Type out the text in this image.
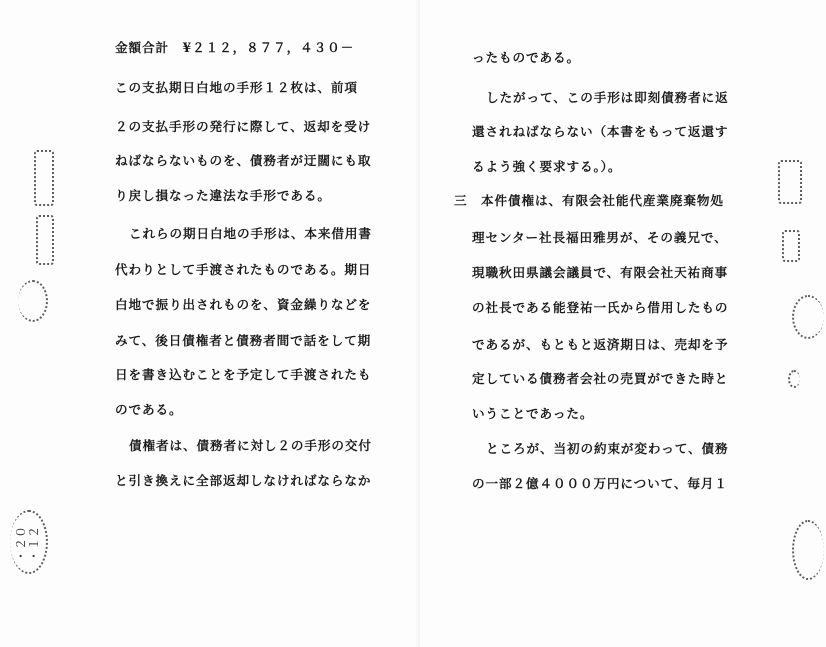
金額合計　¥２１２，８７７，４３０－
この支払期日白地の手形１２枚は、前項
２の支払手形の発行に際して、返却を受け
ねばならないものを、債務者が迂闊にも取
り戻し損なった違法な手形である。
これらの期日白地の手形は、本来借用書
代わりとして手渡されたものである。期日
白地で振り出されものを、資金繰りなどを
みて、後日債権者と債務者間で話をして期
日を書き込むことを予定して手渡されたも
のである。
債権者は、債務者に対し２の手形の交付
と引き換えに全部返却しなければならなか
・２０
・１２
ったものである。
したがって、この手形は即刻債務者に返
還されねばならない（本書をもって返還す
るよう強く要求する。）。
三　本件債権は、有限会社能代産業廃棄物処
理センター社長福田雅男が、その義兄で、
現職秋田県議会議員で、有限会社天祐商事
の社長である能登祐一氏から借用したもの
であるが、もともと返済期日は、売却を予
定している債務者会社の売買ができた時と
いうことであった。
ところが、当初の約束が変わって、債務
の一部２億４０００万円について、毎月１
